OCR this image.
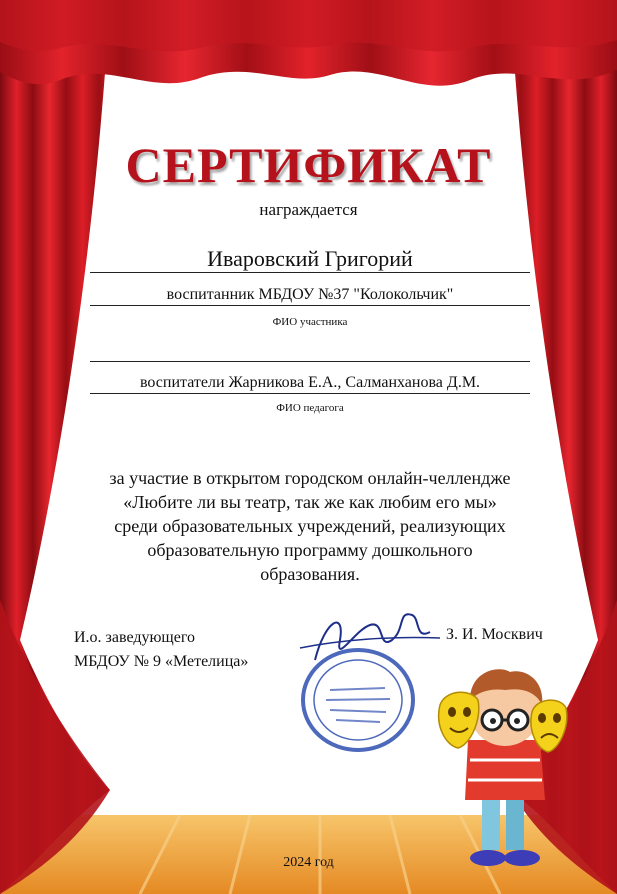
СЕРТИФИКАТ
награждается
Иваровский Григорий
воспитанник МБДОУ №37 "Колокольчик"
ФИО участника
воспитатели Жарникова Е.А., Салманханова Д.М.
ФИО педагога
за участие в открытом городском онлайн-челлендже
«Любите ли вы театр, так же как любим его мы»
среди образовательных учреждений, реализующих
образовательную программу дошкольного
образования.
И.о. заведующего
МБДОУ № 9 «Метелица»
З. И. Москвич
2024 год
